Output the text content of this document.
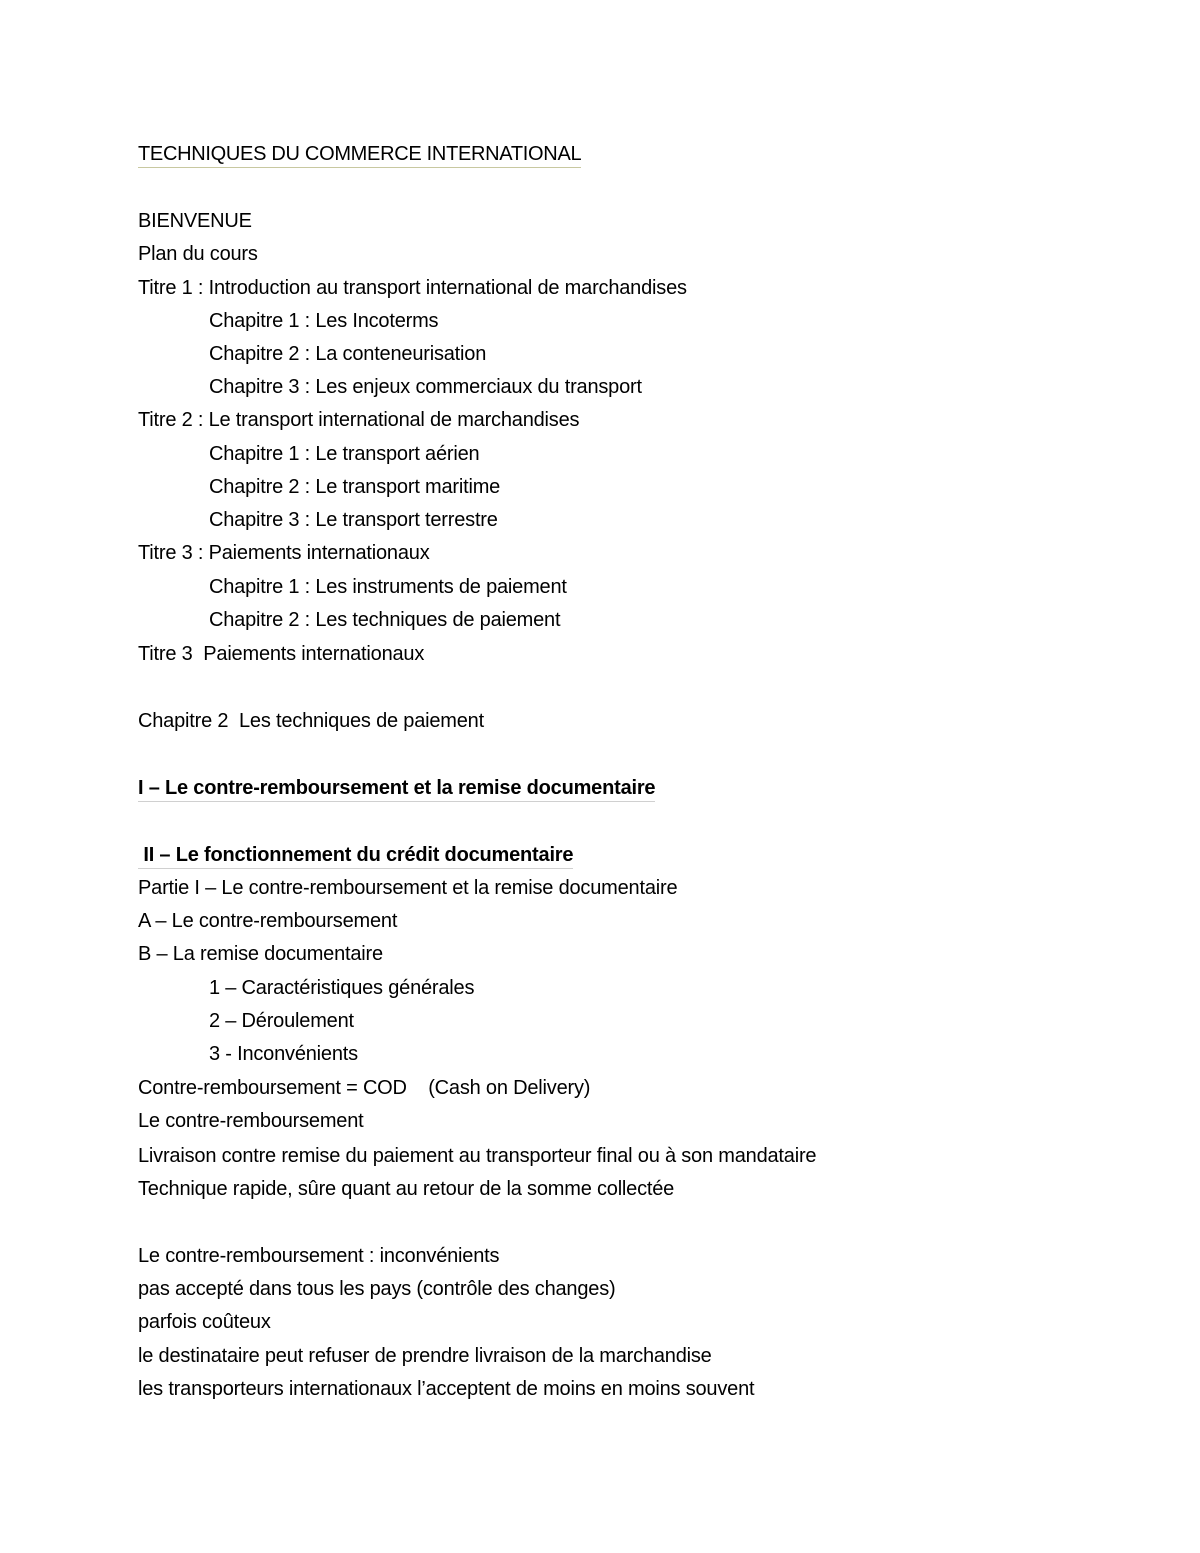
TECHNIQUES DU COMMERCE INTERNATIONAL
BIENVENUE
Plan du cours
Titre 1 : Introduction au transport international de marchandises
Chapitre 1 : Les Incoterms
Chapitre 2 : La conteneurisation
Chapitre 3 : Les enjeux commerciaux du transport
Titre 2 : Le transport international de marchandises
Chapitre 1 : Le transport aérien
Chapitre 2 : Le transport maritime
Chapitre 3 : Le transport terrestre
Titre 3 : Paiements internationaux
Chapitre 1 : Les instruments de paiement
Chapitre 2 : Les techniques de paiement
Titre 3  Paiements internationaux
Chapitre 2  Les techniques de paiement
I – Le contre-remboursement et la remise documentaire
II – Le fonctionnement du crédit documentaire
Partie I – Le contre-remboursement et la remise documentaire
A – Le contre-remboursement
B – La remise documentaire
1 – Caractéristiques générales
2 – Déroulement
3 - Inconvénients
Contre-remboursement = COD    (Cash on Delivery)
Le contre-remboursement
Livraison contre remise du paiement au transporteur final ou à son mandataire
Technique rapide, sûre quant au retour de la somme collectée
Le contre-remboursement : inconvénients
pas accepté dans tous les pays (contrôle des changes)
parfois coûteux
le destinataire peut refuser de prendre livraison de la marchandise
les transporteurs internationaux l’acceptent de moins en moins souvent
